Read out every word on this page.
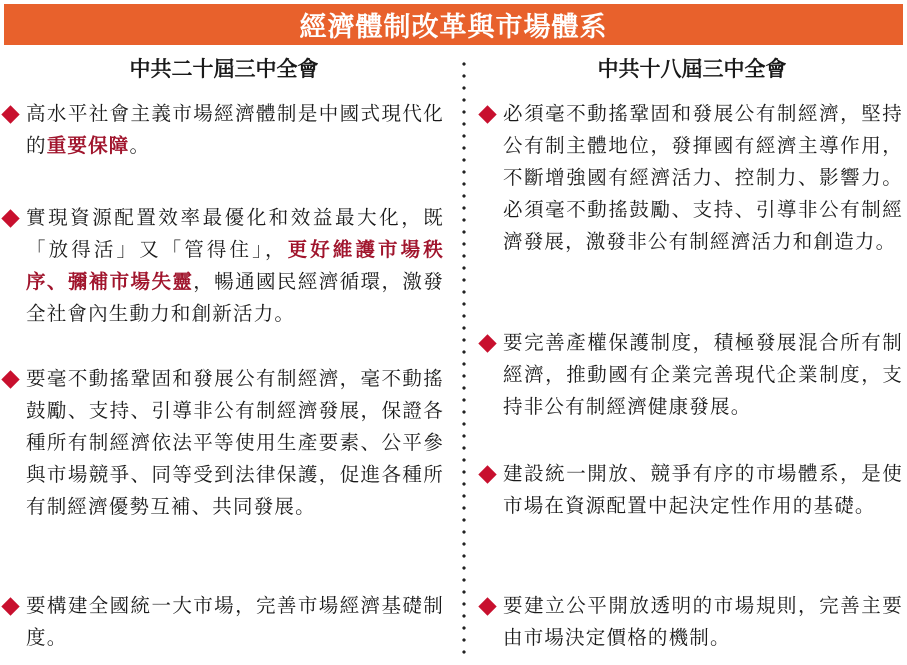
經濟體制改革與市場體系
中共二十屆三中全會

高水平社會主義市場經濟體制是中國式現代化的重要保障。

實現資源配置效率最優化和效益最大化，既「放得活」又「管得住」，更好維護市場秩序、彌補市場失靈，暢通國民經濟循環，激發全社會內生動力和創新活力。

要毫不動搖鞏固和發展公有制經濟，毫不動搖鼓勵、支持、引導非公有制經濟發展，保證各種所有制經濟依法平等使用生產要素、公平參與市場競爭、同等受到法律保護，促進各種所有制經濟優勢互補、共同發展。

要構建全國統一大市場，完善市場經濟基礎制度。

中共十八屆三中全會

必須毫不動搖鞏固和發展公有制經濟，堅持公有制主體地位，發揮國有經濟主導作用，不斷增強國有經濟活力、控制力、影響力。必須毫不動搖鼓勵、支持、引導非公有制經濟發展，激發非公有制經濟活力和創造力。

要完善產權保護制度，積極發展混合所有制經濟，推動國有企業完善現代企業制度，支持非公有制經濟健康發展。

建設統一開放、競爭有序的市場體系，是使市場在資源配置中起決定性作用的基礎。

要建立公平開放透明的市場規則，完善主要由市場決定價格的機制。
